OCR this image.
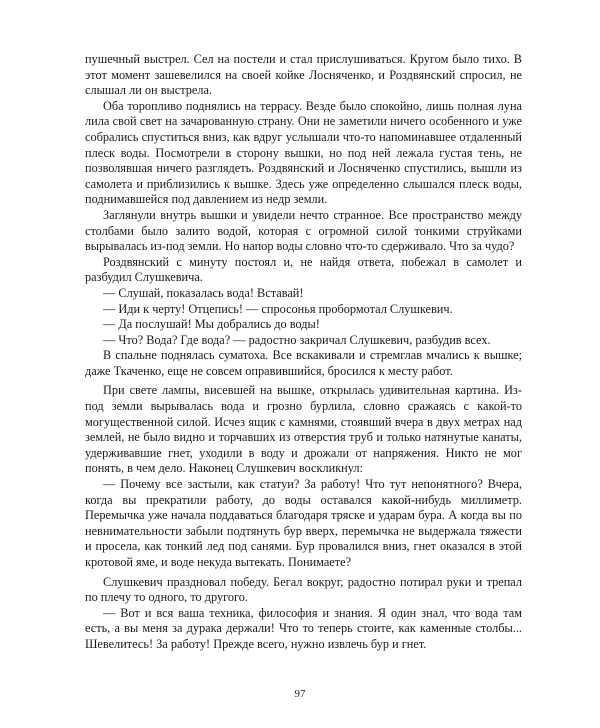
пушечный выстрел. Сел на постели и стал прислушиваться. Кругом было тихо. В этот момент зашевелился на своей койке Лосняченко, и Роздвянский спросил, не слышал ли он выстрела.

Оба торопливо поднялись на террасу. Везде было спокойно, лишь полная луна лила свой свет на зачарованную страну. Они не заметили ничего особенного и уже собрались спуститься вниз, как вдруг услышали что-то напоминавшее отдаленный плеск воды. Посмотрели в сторону вышки, но под ней лежала густая тень, не позволявшая ничего разглядеть. Роздвянский и Лосняченко спустились, вышли из самолета и приблизились к вышке. Здесь уже определенно слышался плеск воды, поднимавшейся под давлением из недр земли.

Заглянули внутрь вышки и увидели нечто странное. Все пространство между столбами было залито водой, которая с огромной силой тонкими струйками вырывалась из-под земли. Но напор воды словно что-то сдерживало. Что за чудо?

Роздвянский с минуту постоял и, не найдя ответа, побежал в самолет и разбудил Слушкевича.

— Слушай, показалась вода! Вставай!

— Иди к черту! Отцепись! — спросонья пробормотал Слушкевич.

— Да послушай! Мы добрались до воды!

— Что? Вода? Где вода? — радостно закричал Слушкевич, разбудив всех.

В спальне поднялась суматоха. Все вскакивали и стремглав мчались к вышке; даже Ткаченко, еще не совсем оправившийся, бросился к месту работ.

При свете лампы, висевшей на вышке, открылась удивительная картина. Из-под земли вырывалась вода и грозно бурлила, словно сражаясь с какой-то могущественной силой. Исчез ящик с камнями, стоявший вчера в двух метрах над землей, не было видно и торчавших из отверстия труб и только натянутые канаты, удерживавшие гнет, уходили в воду и дрожали от напряжения. Никто не мог понять, в чем дело. Наконец Слушкевич воскликнул:

— Почему все застыли, как статуи? За работу! Что тут непонятного? Вчера, когда вы прекратили работу, до воды оставался какой-нибудь миллиметр. Перемычка уже начала поддаваться благодаря тряске и ударам бура. А когда вы по невнимательности забыли подтянуть бур вверх, перемычка не выдержала тяжести и просела, как тонкий лед под санями. Бур провалился вниз, гнет оказался в этой кротовой яме, и воде некуда вытекать. Понимаете?

Слушкевич праздновал победу. Бегал вокруг, радостно потирал руки и трепал по плечу то одного, то другого.

— Вот и вся ваша техника, философия и знания. Я один знал, что вода там есть, а вы меня за дурака держали! Что то теперь стоите, как каменные столбы... Шевелитесь! За работу! Прежде всего, нужно извлечь бур и гнет.

97
